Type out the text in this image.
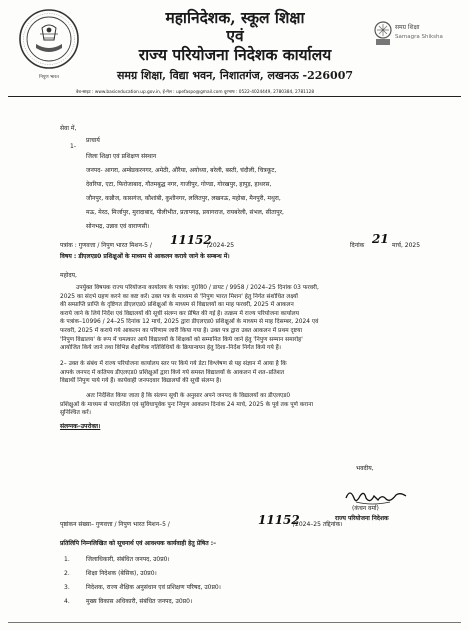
निपुण भारत
महानिदेशक, स्कूल शिक्षा
एवं
राज्य परियोजना निदेशक कार्यालय
समग्र शिक्षा, विद्या भवन, निशातगंज, लखनऊ -226007
समग्र शिक्षा
Samagra Shiksha
वेब-साइट : www.basiceducation.up.gov.in, ई-मेल : upefaspo@gmail.com दूरभाष : 0522-4024449, 2780384, 2781128
सेवा में,
1-
प्राचार्य
जिला शिक्षा एवं प्रशिक्षण संस्थान
जनपद- आगरा, अम्बेडकरनगर, अमेठी, औरैया, अयोध्या, बरेली, बस्ती, चंदौली, चित्रकूट,
देवरिया, एटा, फिरोजाबाद, गौतमबुद्ध नगर, गाजीपुर, गोण्डा, गोरखपुर, हापुड़, हाथरस,
जौनपुर, कन्नौज, कासगंज, कौशांबी, कुशीनगर, ललितपुर, लखनऊ, महोबा, मैनपुरी, मथुरा,
मऊ, मेरठ, मिर्जापुर, मुरादाबाद, पीलीभीत, प्रतापगढ़, प्रयागराज, रायबरेली, संभल, सीतापुर,
सोनभद्र, उन्नाव एवं वाराणसी।
पत्रांक : गुणवत्ता / निपुण भारत मिशन-5 / 11152
/2024-25	दिनांक 21 मार्च, 2025
विषय : डीएलएड0 प्रशिक्षुओं के माध्यम से आकलन कराये जाने के सम्बन्ध में।
महोदय,
उपर्युक्त विषयक राज्य परियोजना कार्यालय के पत्रांक: गु0वि0 / डायट / 9958 / 2024–25 दिनांक 03 फरवरी,
2025 का संदर्भ ग्रहण करने का कष्ट करें। उक्त पत्र के माध्यम से 'निपुण भारत मिशन' हेतु निर्गत संशोधित लक्ष्यों
की सम्प्राप्ति प्राप्ति के दृष्टिगत डीएलएड0 प्रशिक्षुओं के माध्यम से विद्यालयों का माह फरवरी, 2025 में आकलन
कराये जाने के लिये निर्देश एवं विद्यालयों की सूची संलग्न कर प्रेषित की गई है। तत्क्रम में राज्य परियोजना कार्यालय
के पत्रांक–10996 / 24–25 दिनांक 12 मार्च, 2025 द्वारा डीएलएड0 प्रशिक्षुओं के माध्यम से माह दिसम्बर, 2024 एवं
फरवरी, 2025 में कराये गये आकलन का परिणाम जारी किया गया है। उक्त पत्र द्वारा उक्त आकलन में प्रथम दृष्टया
'निपुण विद्यालय' के रूप में चमत्कार आये विद्यालयों के शिक्षकों को सम्मानित किये जाने हेतु 'निपुण सम्मान समारोह'
आयोजित किये जाने तथा विभिन्न शैक्षणिक गतिविधियों के क्रियान्वयन हेतु दिशा–निर्देश निर्गत किये गये हैं।
2– उक्त के संबंध में राज्य परियोजना कार्यालय स्तर पर किये गये डेटा विश्लेषण से यह संज्ञान में आया है कि
आपके जनपद में कतिपय डीएलएड0 प्रशिक्षुओं द्वारा किये गये समस्त विद्यालयों के आकलन में शत–प्रतिशत
विद्यार्थी निपुण पाये गये हैं। कार्यवाही जनपदवार विद्यालयों की सूची संलग्न है।
अतः निर्देशित किया जाता है कि संलग्न सूची के अनुसार अपने जनपद के विद्यालयों का डीएलएड0
प्रशिक्षुओं के माध्यम से पारदर्शिता एवं सुविधापूर्वक पुनः निपुण आकलन दिनांक 24 मार्च, 2025 के पूर्व तक पूर्ण कराना
सुनिश्चित करें।
संलग्नक–उपरोक्त।
भवदीय,
(कंचन वर्मा)
राज्य परियोजना निदेशक
पृष्ठांकन संख्या– गुणवत्ता / निपुण भारत मिशन–5 /	11152
/2024–25 तद्दिनांक।
प्रतिलिपि निम्नलिखित को सूचनार्थ एवं आवश्यक कार्यवाही हेतु प्रेषित :–
1.	जिलाधिकारी, संबंधित जनपद, उ0प्र0।
2.	शिक्षा निदेशक (बेसिक), उ0प्र0।
3.	निदेशक, राज्य शैक्षिक अनुसंधान एवं प्रशिक्षण परिषद, उ0प्र0।
4.	मुख्य विकास अधिकारी, संबंधित जनपद, उ0प्र0।
